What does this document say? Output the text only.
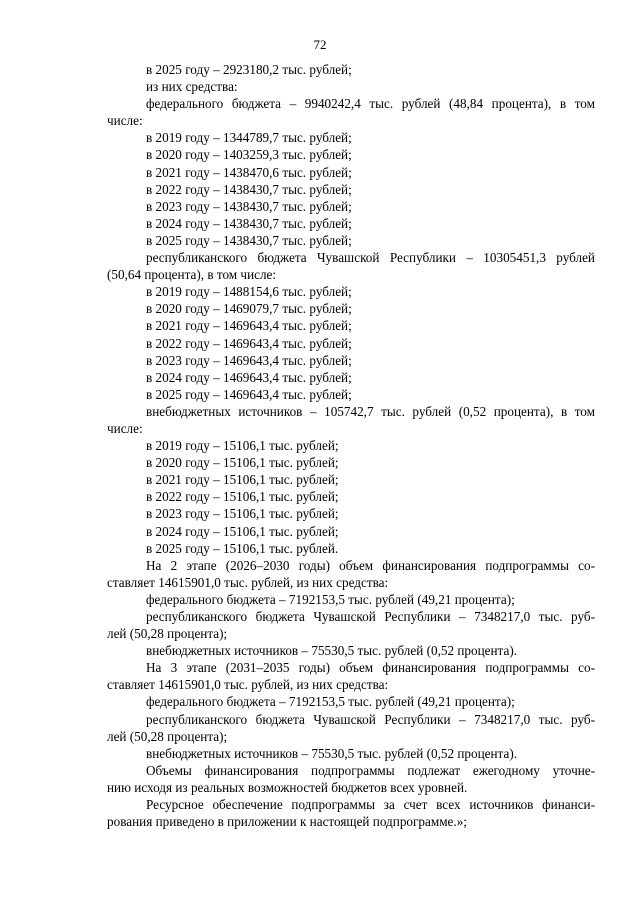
72
в 2025 году – 2923180,2 тыс. рублей;
из них средства:
федерального бюджета – 9940242,4 тыс. рублей (48,84 процента), в том
числе:
в 2019 году – 1344789,7 тыс. рублей;
в 2020 году – 1403259,3 тыс. рублей;
в 2021 году – 1438470,6 тыс. рублей;
в 2022 году – 1438430,7 тыс. рублей;
в 2023 году – 1438430,7 тыс. рублей;
в 2024 году – 1438430,7 тыс. рублей;
в 2025 году – 1438430,7 тыс. рублей;
республиканского бюджета Чувашской Республики – 10305451,3 рублей
(50,64 процента), в том числе:
в 2019 году – 1488154,6 тыс. рублей;
в 2020 году – 1469079,7 тыс. рублей;
в 2021 году – 1469643,4 тыс. рублей;
в 2022 году – 1469643,4 тыс. рублей;
в 2023 году – 1469643,4 тыс. рублей;
в 2024 году – 1469643,4 тыс. рублей;
в 2025 году – 1469643,4 тыс. рублей;
внебюджетных источников – 105742,7 тыс. рублей (0,52 процента), в том
числе:
в 2019 году – 15106,1 тыс. рублей;
в 2020 году – 15106,1 тыс. рублей;
в 2021 году – 15106,1 тыс. рублей;
в 2022 году – 15106,1 тыс. рублей;
в 2023 году – 15106,1 тыс. рублей;
в 2024 году – 15106,1 тыс. рублей;
в 2025 году – 15106,1 тыс. рублей.
На 2 этапе (2026–2030 годы) объем финансирования подпрограммы со-
ставляет 14615901,0 тыс. рублей, из них средства:
федерального бюджета – 7192153,5 тыс. рублей (49,21 процента);
республиканского бюджета Чувашской Республики – 7348217,0 тыс. руб-
лей (50,28 процента);
внебюджетных источников – 75530,5 тыс. рублей (0,52 процента).
На 3 этапе (2031–2035 годы) объем финансирования подпрограммы со-
ставляет 14615901,0 тыс. рублей, из них средства:
федерального бюджета – 7192153,5 тыс. рублей (49,21 процента);
республиканского бюджета Чувашской Республики – 7348217,0 тыс. руб-
лей (50,28 процента);
внебюджетных источников – 75530,5 тыс. рублей (0,52 процента).
Объемы финансирования подпрограммы подлежат ежегодному уточне-
нию исходя из реальных возможностей бюджетов всех уровней.
Ресурсное обеспечение подпрограммы за счет всех источников финанси-
рования приведено в приложении к настоящей подпрограмме.»;
